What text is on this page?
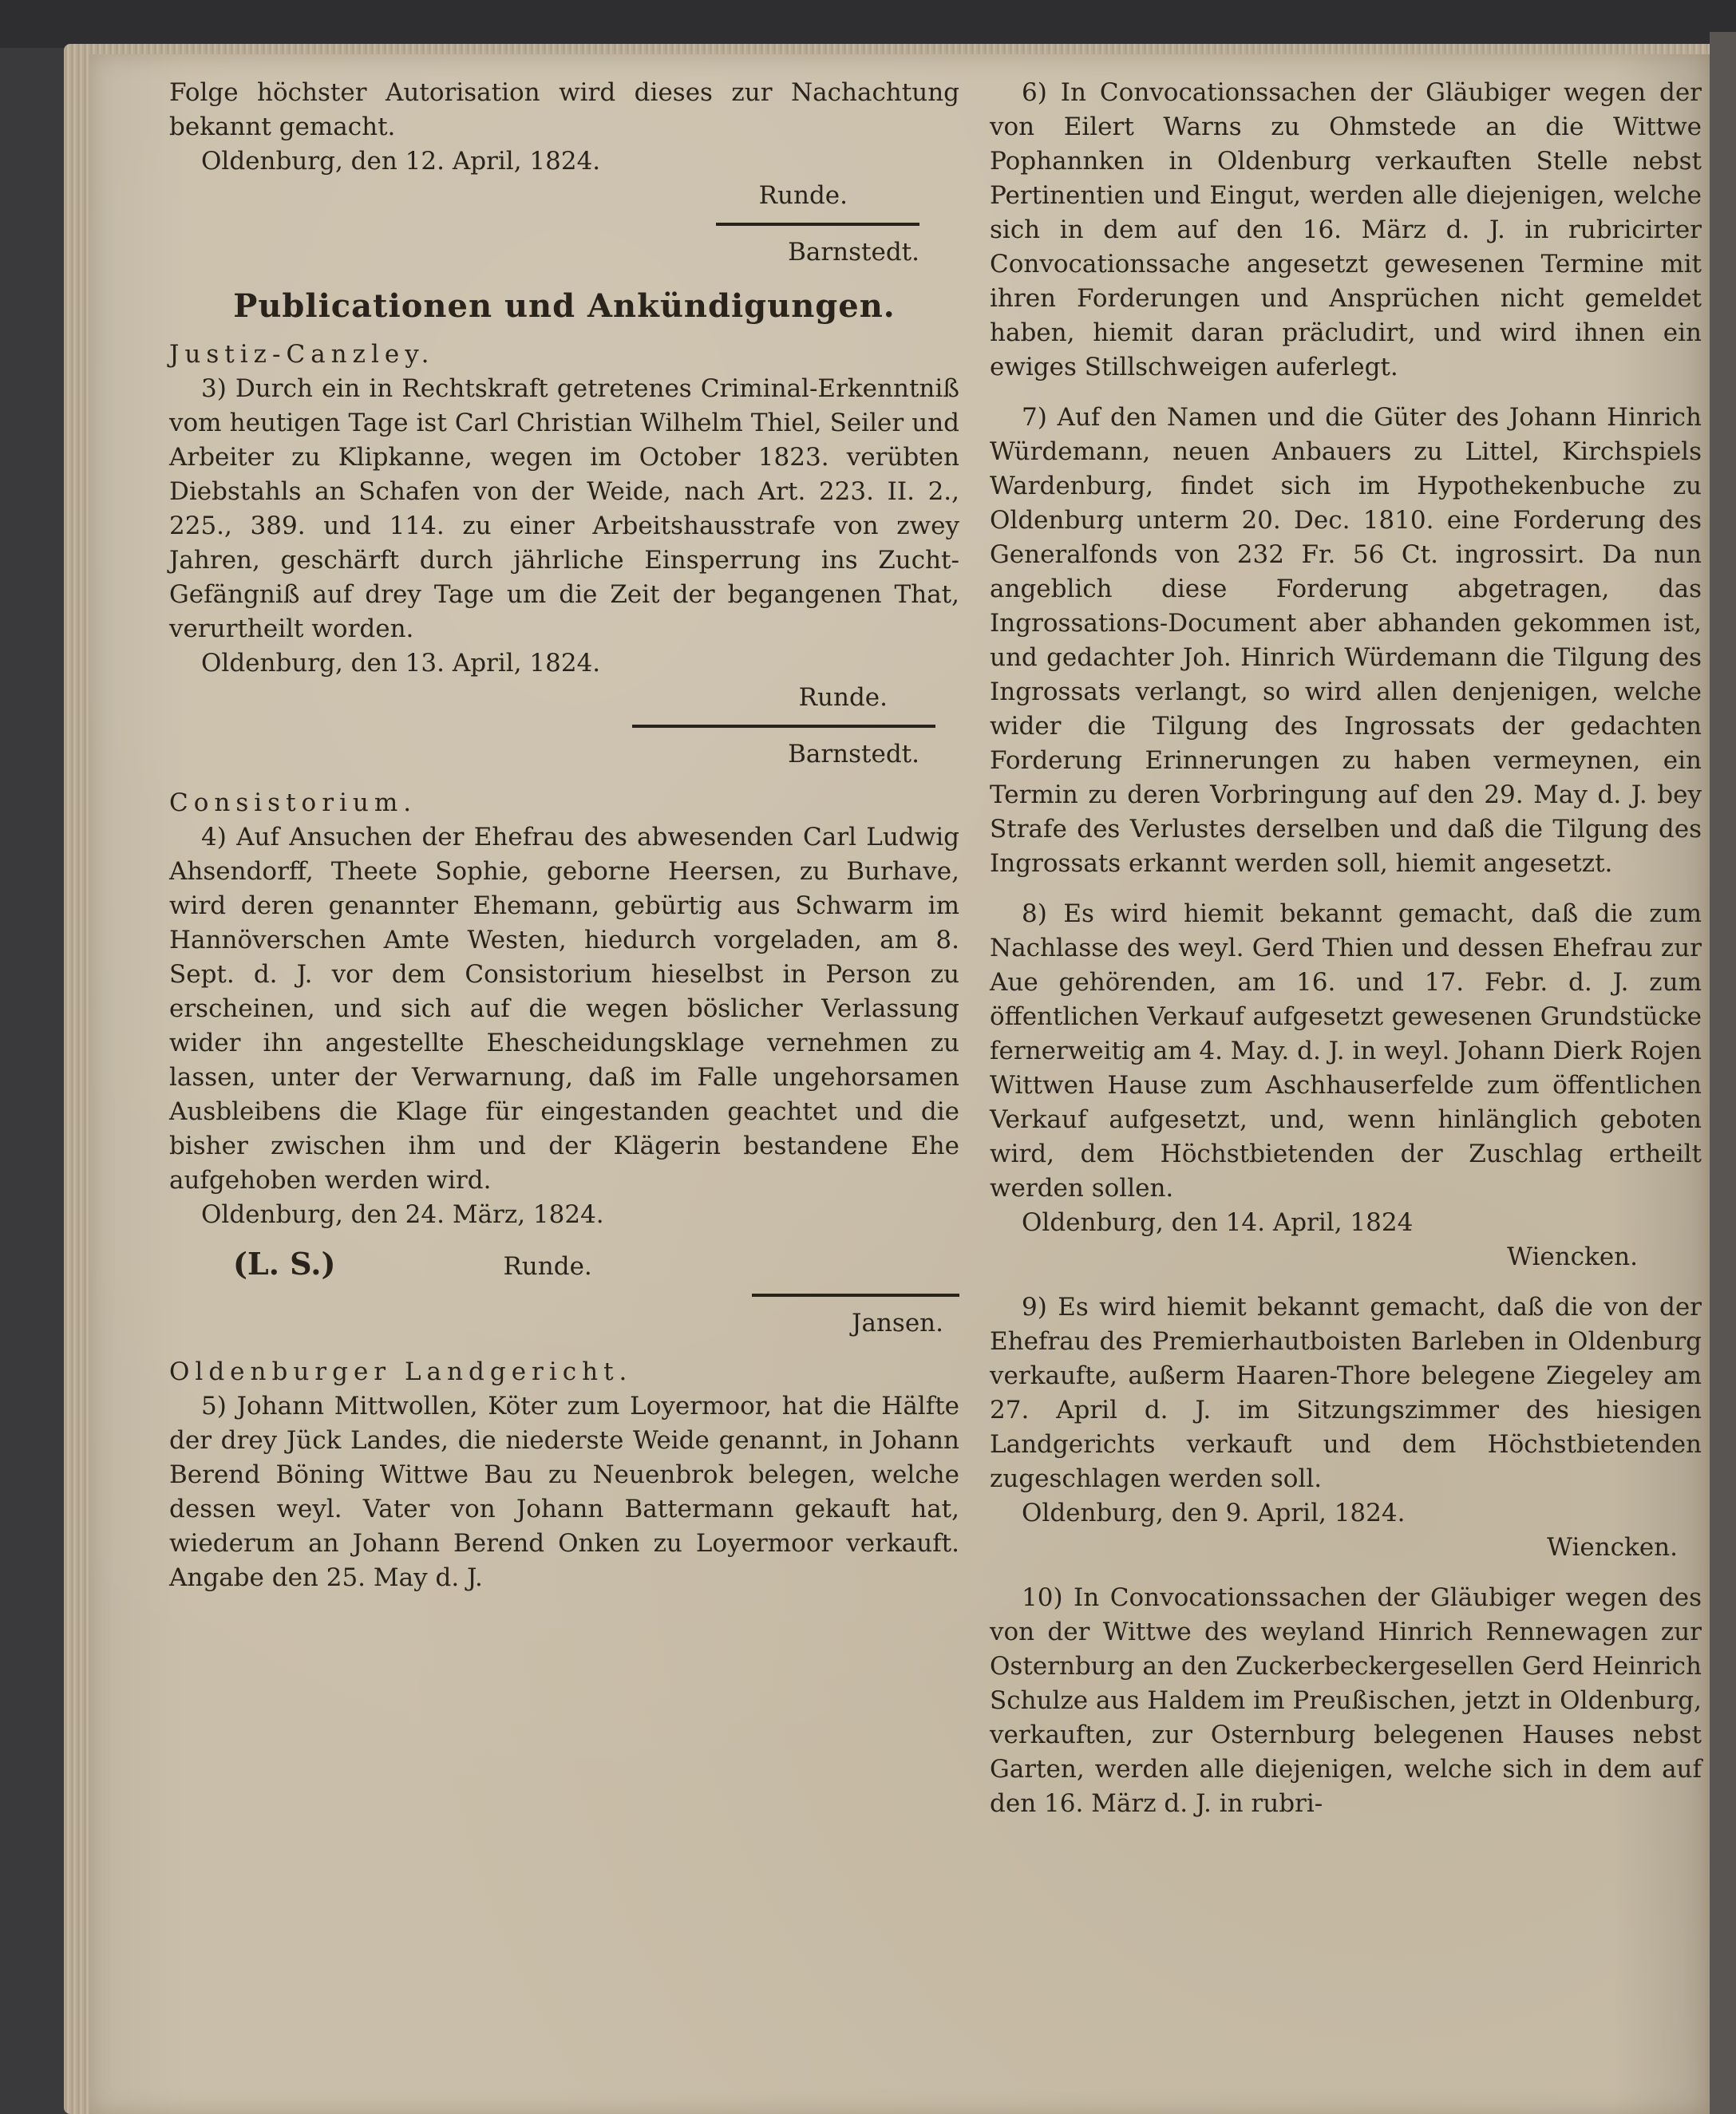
Folge höchster Autorisation wird dieses zur Nachachtung bekannt gemacht.

Oldenburg, den 12. April, 1824.

Runde.

Barnstedt.

Publicationen und Ankündigungen.

Justiz-Canzley.

3) Durch ein in Rechtskraft getretenes Criminal-Erkenntniß vom heutigen Tage ist Carl Christian Wilhelm Thiel, Seiler und Arbeiter zu Klipkanne, wegen im October 1823. verübten Diebstahls an Schafen von der Weide, nach Art. 223. II. 2., 225., 389. und 114. zu einer Arbeitshausstrafe von zwey Jahren, geschärft durch jährliche Einsperrung ins Zucht-Gefängniß auf drey Tage um die Zeit der begangenen That, verurtheilt worden.

Oldenburg, den 13. April, 1824.

Runde.

Barnstedt.

Consistorium.

4) Auf Ansuchen der Ehefrau des abwesenden Carl Ludwig Ahsendorff, Theete Sophie, geborne Heersen, zu Burhave, wird deren genannter Ehemann, gebürtig aus Schwarm im Hannöverschen Amte Westen, hiedurch vorgeladen, am 8. Sept. d. J. vor dem Consistorium hieselbst in Person zu erscheinen, und sich auf die wegen böslicher Verlassung wider ihn angestellte Ehescheidungsklage vernehmen zu lassen, unter der Verwarnung, daß im Falle ungehorsamen Ausbleibens die Klage für eingestanden geachtet und die bisher zwischen ihm und der Klägerin bestandene Ehe aufgehoben werden wird.

Oldenburg, den 24. März, 1824.

(L. S.)	Runde.

Jansen.

Oldenburger Landgericht.

5) Johann Mittwollen, Köter zum Loyermoor, hat die Hälfte der drey Jück Landes, die niederste Weide genannt, in Johann Berend Böning Wittwe Bau zu Neuenbrok belegen, welche dessen weyl. Vater von Johann Battermann gekauft hat, wiederum an Johann Berend Onken zu Loyermoor verkauft. Angabe den 25. May d. J.

6) In Convocationssachen der Gläubiger wegen der von Eilert Warns zu Ohmstede an die Wittwe Pophannken in Oldenburg verkauften Stelle nebst Pertinentien und Eingut, werden alle diejenigen, welche sich in dem auf den 16. März d. J. in rubricirter Convocationssache angesetzt gewesenen Termine mit ihren Forderungen und Ansprüchen nicht gemeldet haben, hiemit daran präcludirt, und wird ihnen ein ewiges Stillschweigen auferlegt.

7) Auf den Namen und die Güter des Johann Hinrich Würdemann, neuen Anbauers zu Littel, Kirchspiels Wardenburg, findet sich im Hypothekenbuche zu Oldenburg unterm 20. Dec. 1810. eine Forderung des Generalfonds von 232 Fr. 56 Ct. ingrossirt. Da nun angeblich diese Forderung abgetragen, das Ingrossations-Document aber abhanden gekommen ist, und gedachter Joh. Hinrich Würdemann die Tilgung des Ingrossats verlangt, so wird allen denjenigen, welche wider die Tilgung des Ingrossats der gedachten Forderung Erinnerungen zu haben vermeynen, ein Termin zu deren Vorbringung auf den 29. May d. J. bey Strafe des Verlustes derselben und daß die Tilgung des Ingrossats erkannt werden soll, hiemit angesetzt.

8) Es wird hiemit bekannt gemacht, daß die zum Nachlasse des weyl. Gerd Thien und dessen Ehefrau zur Aue gehörenden, am 16. und 17. Febr. d. J. zum öffentlichen Verkauf aufgesetzt gewesenen Grundstücke fernerweitig am 4. May. d. J. in weyl. Johann Dierk Rojen Wittwen Hause zum Aschhauserfelde zum öffentlichen Verkauf aufgesetzt, und, wenn hinlänglich geboten wird, dem Höchstbietenden der Zuschlag ertheilt werden sollen.

Oldenburg, den 14. April, 1824

Wiencken.

9) Es wird hiemit bekannt gemacht, daß die von der Ehefrau des Premierhautboisten Barleben in Oldenburg verkaufte, außerm Haaren-Thore belegene Ziegeley am 27. April d. J. im Sitzungszimmer des hiesigen Landgerichts verkauft und dem Höchstbietenden zugeschlagen werden soll.

Oldenburg, den 9. April, 1824.

Wiencken.

10) In Convocationssachen der Gläubiger wegen des von der Wittwe des weyland Hinrich Rennewagen zur Osternburg an den Zuckerbeckergesellen Gerd Heinrich Schulze aus Haldem im Preußischen, jetzt in Oldenburg, verkauften, zur Osternburg belegenen Hauses nebst Garten, werden alle diejenigen, welche sich in dem auf den 16. März d. J. in rubri-
